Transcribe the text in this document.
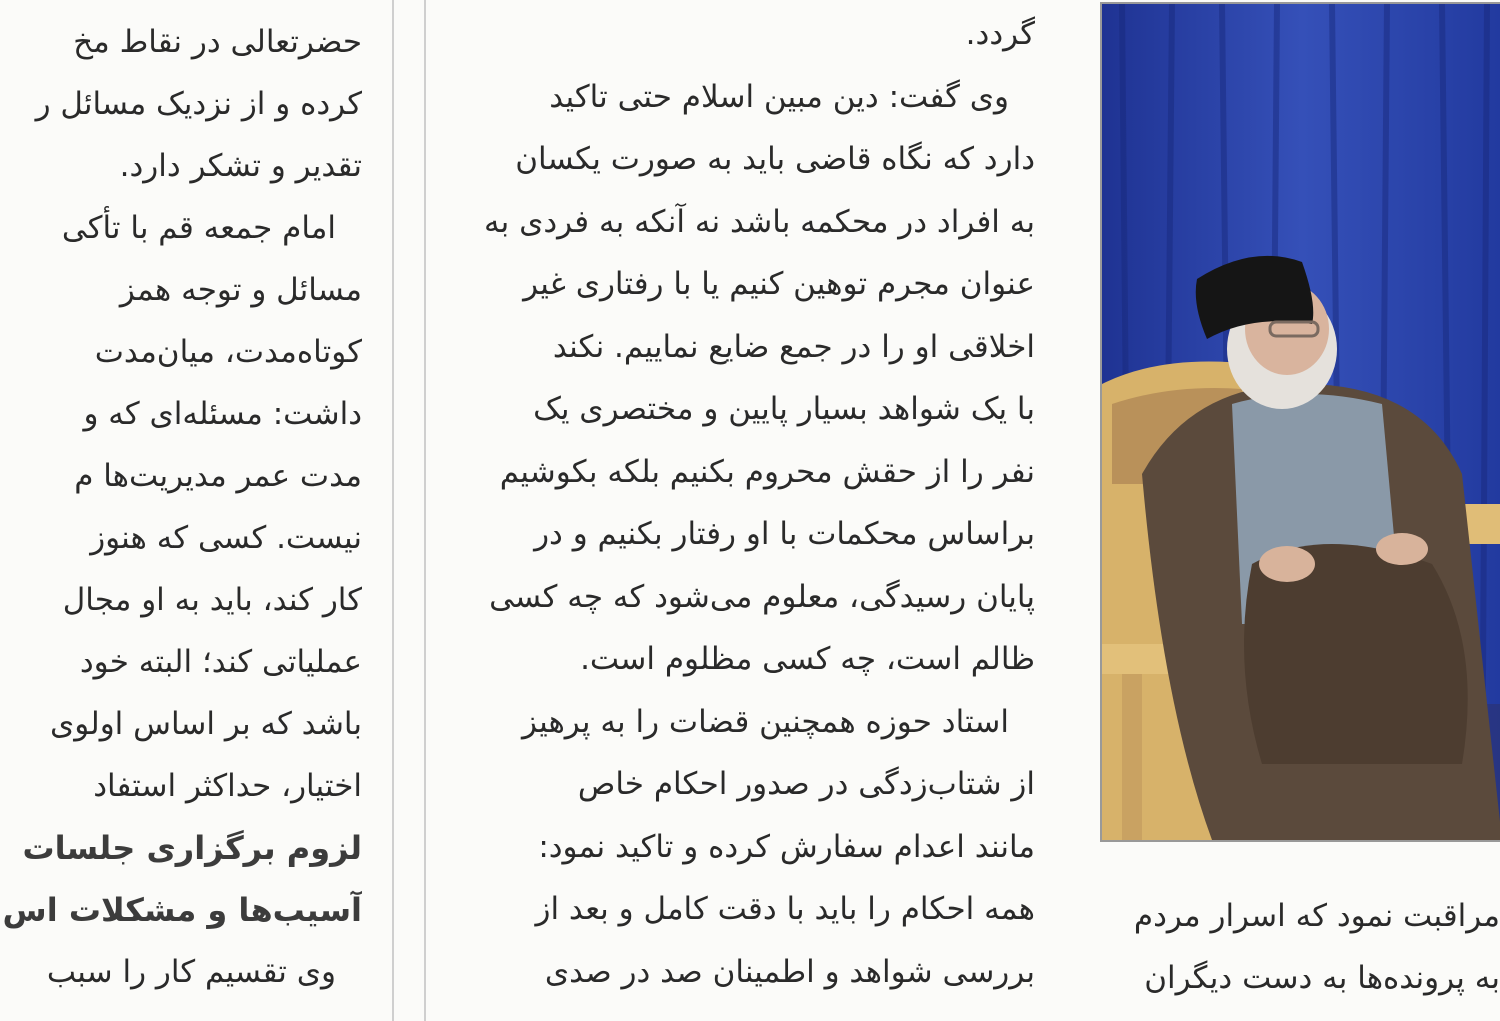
حضرتعالی در نقاط مخ
کرده و از نزدیک مسائل ر
تقدیر و تشکر دارد.
امام جمعه قم با تأکی
مسائل و توجه همز
کوتاه‌مدت، میان‌مدت
داشت: مسئله‌ای که و
مدت عمر مدیریت‌ها م
نیست. کسی که هنوز
کار کند، باید به او مجال
عملیاتی کند؛ البته خود
باشد که بر اساس اولوی
اختیار، حداکثر استفاد
لزوم برگزاری جلسات
آسیب‌ها و مشکلات اس
وی تقسیم کار را سبب
گردد.
وی گفت: دین مبین اسلام حتی تاکید
دارد که نگاه قاضی باید به صورت یکسان
به افراد در محکمه باشد نه آنکه به فردی به
عنوان مجرم توهین کنیم یا با رفتاری غیر
اخلاقی او را در جمع ضایع نماییم. نکند
با یک شواهد بسیار پایین و مختصری یک
نفر را از حقش محروم بکنیم بلکه بکوشیم
براساس محکمات با او رفتار بکنیم و در
پایان رسیدگی، معلوم می‌شود که چه کسی
ظالم است، چه کسی مظلوم است.
استاد حوزه همچنین قضات را به پرهیز
از شتاب‌زدگی در صدور احکام خاص
مانند اعدام سفارش کرده و تاکید نمود:
همه احکام را باید با دقت کامل و بعد از
بررسی شواهد و اطمینان صد در صدی
مراقبت نمود که اسرار مردم
به پرونده‌ها به دست دیگران
